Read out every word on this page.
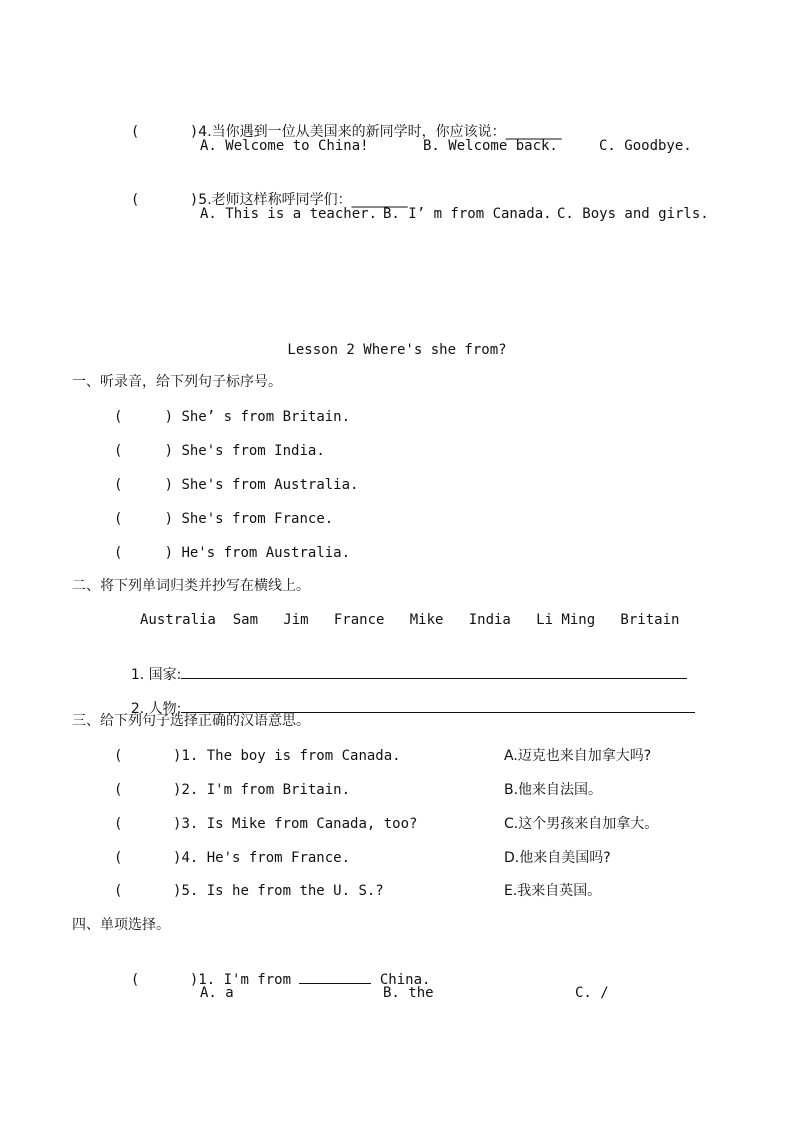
(      )4.当你遇到一位从美国来的新同学时，你应该说：________

A. Welcome to China!	B. Welcome back.	C. Goodbye.

(      )5.老师这样称呼同学们：________

A. This is a teacher. B. I’ m from Canada. C. Boys and girls.
Lesson 2 Where's she from?
一、听录音，给下列句子标序号。
(     ) She’ s from Britain.
(     ) She's from India.
(     ) She's from Australia.
(     ) She's from France.
(     ) He's from Australia.
二、将下列单词归类并抄写在横线上。
Australia  Sam   Jim   France   Mike   India   Li Ming   Britain

1. 国家:

2. 人物:

三、给下列句子选择正确的汉语意思。
(      )1. The boy is from Canada.	A.迈克也来自加拿大吗?
(      )2. I'm from Britain.	B.他来自法国。
(      )3. Is Mike from Canada, too?	C.这个男孩来自加拿大。
(      )4. He's from France.	D.他来自美国吗?
(      )5. Is he from the U. S.?	E.我来自英国。
四、单项选择。

(      )1. I'm from	China.

A. a	B. the	C. /
